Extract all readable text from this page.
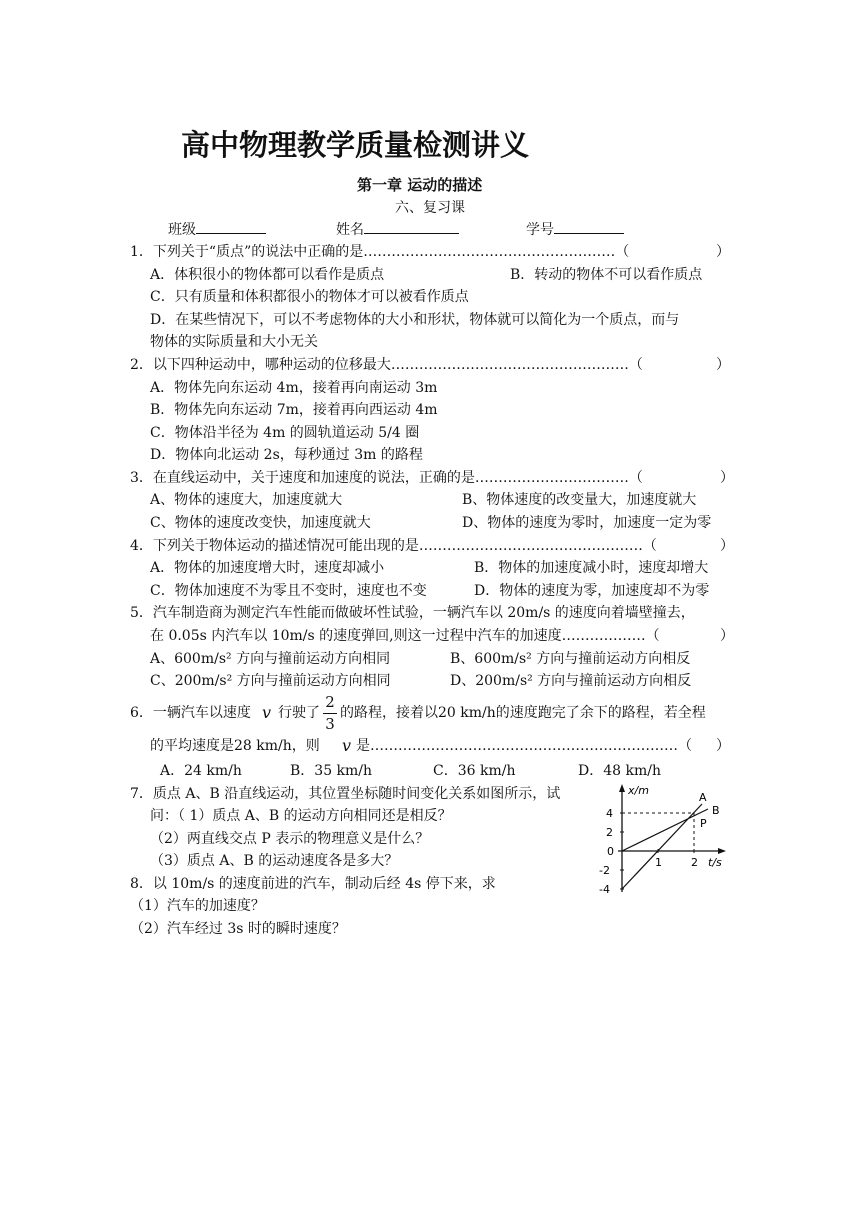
高中物理教学质量检测讲义
第一章 运动的描述
六、复习课
班级	姓名	学号
1．下列关于“质点”的说法中正确的是………………………………………………（	）
A．体积很小的物体都可以看作是质点	B．转动的物体不可以看作质点
C．只有质量和体积都很小的物体才可以被看作质点
D．在某些情况下，可以不考虑物体的大小和形状，物体就可以简化为一个质点，而与
物体的实际质量和大小无关
2．以下四种运动中，哪种运动的位移最大……………………………………………（	）
A．物体先向东运动 4m，接着再向南运动 3m
B．物体先向东运动 7m，接着再向西运动 4m
C．物体沿半径为 4m 的圆轨道运动 5/4 圈
D．物体向北运动 2s，每秒通过 3m 的路程
3．在直线运动中，关于速度和加速度的说法，正确的是……………………………（	）
A、物体的速度大，加速度就大	B、物体速度的改变量大，加速度就大
C、物体的速度改变快，加速度就大	D、物体的速度为零时，加速度一定为零
4．下列关于物体运动的描述情况可能出现的是…………………………………………（	）
A．物体的加速度增大时，速度却减小	B．物体的加速度减小时，速度却增大
C．物体加速度不为零且不变时，速度也不变	D．物体的速度为零，加速度却不为零
5．汽车制造商为测定汽车性能而做破坏性试验，一辆汽车以 20m/s 的速度向着墙壁撞去，
在 0.05s 内汽车以 10m/s 的速度弹回,则这一过程中汽车的加速度………………（	）
A、600m/s² 方向与撞前运动方向相同	B、600m/s² 方向与撞前运动方向相反
C、200m/s² 方向与撞前运动方向相同	D、200m/s² 方向与撞前运动方向相反
6．一辆汽车以速度 v 行驶了
2
3
的路程，接着以20 km/h的速度跑完了余下的路程，若全程
的平均速度是28 km/h，则 v 是…………………………………………………………（ ）
A．24 km/h	B．35 km/h	C．36 km/h	D．48 km/h
7．质点 A、B 沿直线运动，其位置坐标随时间变化关系如图所示，试
问：（ 1）质点 A、B 的运动方向相同还是相反？
（2）两直线交点 P 表示的物理意义是什么？
（3）质点 A、B 的运动速度各是多大？
8．以 10m/s 的速度前进的汽车，制动后经 4s 停下来，求
（1）汽车的加速度？
（2）汽车经过 3s 时的瞬时速度？
x/m
t/s
4
2
0
-2
-4
1	2
A
B
P
